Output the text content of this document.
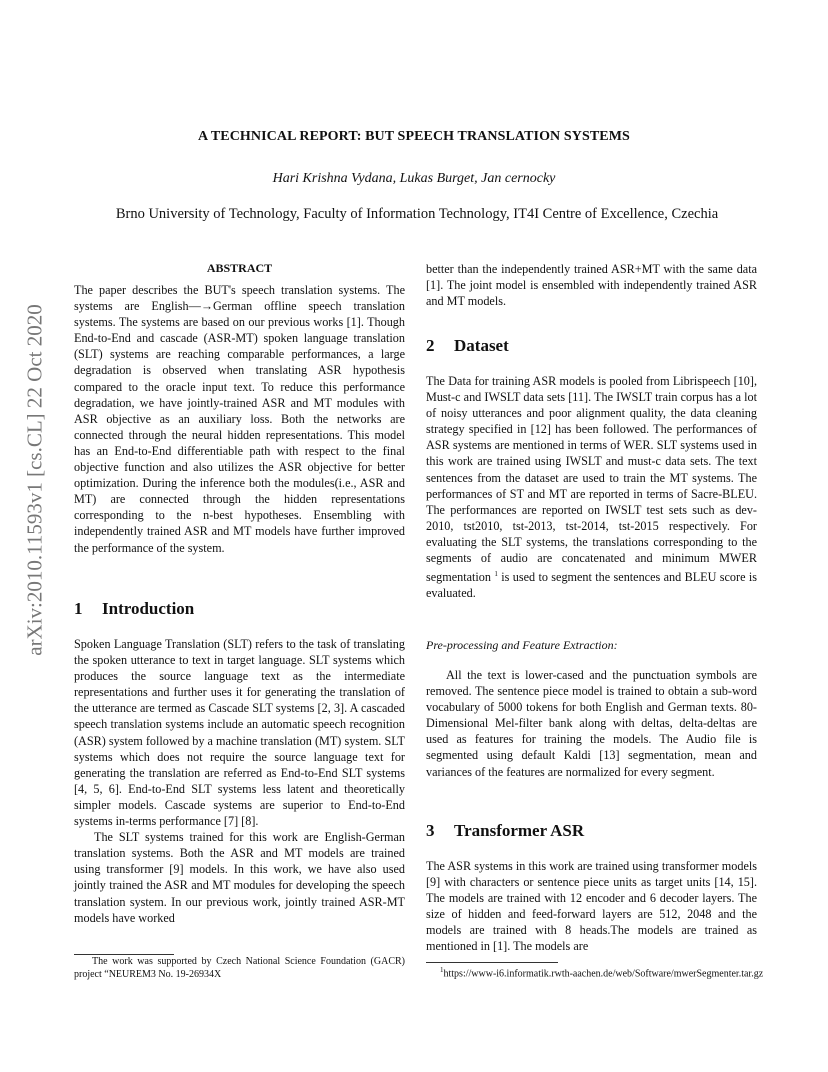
A TECHNICAL REPORT: BUT SPEECH TRANSLATION SYSTEMS
Hari Krishna Vydana, Lukas Burget, Jan cernocky
Brno University of Technology, Faculty of Information Technology, IT4I Centre of Excellence, Czechia
arXiv:2010.11593v1 [cs.CL] 22 Oct 2020
ABSTRACT

The paper describes the BUT's speech translation systems. The systems are English—→German offline speech translation systems. The systems are based on our previous works [1]. Though End-to-End and cascade (ASR-MT) spoken language translation (SLT) systems are reaching comparable performances, a large degradation is observed when translating ASR hypothesis compared to the oracle input text. To reduce this performance degradation, we have jointly-trained ASR and MT modules with ASR objective as an auxiliary loss. Both the networks are connected through the neural hidden representations. This model has an End-to-End differentiable path with respect to the final objective function and also utilizes the ASR objective for better optimization. During the inference both the modules(i.e., ASR and MT) are connected through the hidden representations corresponding to the n-best hypotheses. Ensembling with independently trained ASR and MT models have further improved the performance of the system.

1 Introduction

Spoken Language Translation (SLT) refers to the task of translating the spoken utterance to text in target language. SLT systems which produces the source language text as the intermediate representations and further uses it for generating the translation of the utterance are termed as Cascade SLT systems [2, 3]. A cascaded speech translation systems include an automatic speech recognition (ASR) system followed by a machine translation (MT) system. SLT systems which does not require the source language text for generating the translation are referred as End-to-End SLT systems [4, 5, 6]. End-to-End SLT systems less latent and theoretically simpler models. Cascade systems are superior to End-to-End systems in-terms performance [7] [8].

The SLT systems trained for this work are English-German translation systems. Both the ASR and MT models are trained using transformer [9] models. In this work, we have also used jointly trained the ASR and MT modules for developing the speech translation system. In our previous work, jointly trained ASR-MT models have worked

The work was supported by Czech National Science Foundation (GACR) project “NEUREM3 No. 19-26934X

better than the independently trained ASR+MT with the same data [1]. The joint model is ensembled with independently trained ASR and MT models.

2 Dataset

The Data for training ASR models is pooled from Librispeech [10], Must-c and IWSLT data sets [11]. The IWSLT train corpus has a lot of noisy utterances and poor alignment quality, the data cleaning strategy specified in [12] has been followed. The performances of ASR systems are mentioned in terms of WER. SLT systems used in this work are trained using IWSLT and must-c data sets. The text sentences from the dataset are used to train the MT systems. The performances of ST and MT are reported in terms of Sacre-BLEU. The performances are reported on IWSLT test sets such as dev-2010, tst2010, tst-2013, tst-2014, tst-2015 respectively. For evaluating the SLT systems, the translations corresponding to the segments of audio are concatenated and minimum MWER segmentation $^1$ is used to segment the sentences and BLEU score is evaluated.

Pre-processing and Feature Extraction:

All the text is lower-cased and the punctuation symbols are removed. The sentence piece model is trained to obtain a sub-word vocabulary of 5000 tokens for both English and German texts. 80-Dimensional Mel-filter bank along with deltas, delta-deltas are used as features for training the models. The Audio file is segmented using default Kaldi [13] segmentation, mean and variances of the features are normalized for every segment.

3 Transformer ASR

The ASR systems in this work are trained using transformer models [9] with characters or sentence piece units as target units [14, 15]. The models are trained with 12 encoder and 6 decoder layers. The size of hidden and feed-forward layers are 512, 2048 and the models are trained with 8 heads.The models are trained as mentioned in [1]. The models are

$^1$https://www-i6.informatik.rwth-aachen.de/web/Software/mwerSegmenter.tar.gz
